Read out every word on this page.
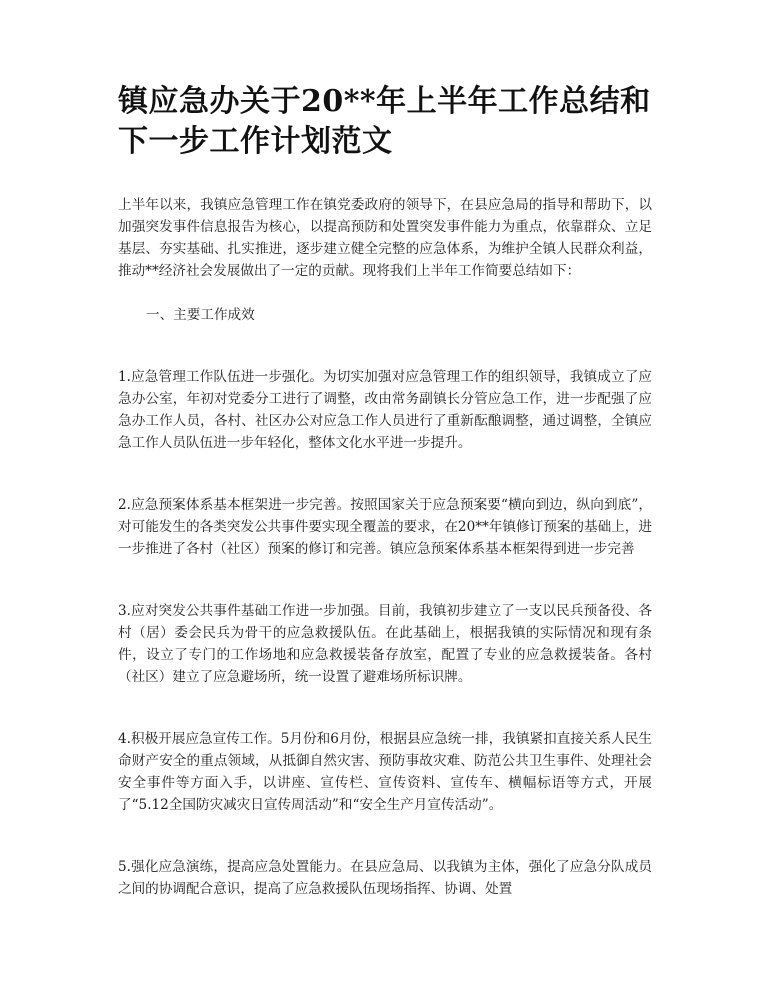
镇应急办关于20**年上半年工作总结和下一步工作计划范文

上半年以来，我镇应急管理工作在镇党委政府的领导下，在县应急局的指导和帮助下，以加强突发事件信息报告为核心，以提高预防和处置突发事件能力为重点，依靠群众、立足基层、夯实基础、扎实推进，逐步建立健全完整的应急体系，为维护全镇人民群众利益，推动**经济社会发展做出了一定的贡献。现将我们上半年工作简要总结如下：

一、主要工作成效

1.应急管理工作队伍进一步强化。为切实加强对应急管理工作的组织领导，我镇成立了应急办公室，年初对党委分工进行了调整，改由常务副镇长分管应急工作，进一步配强了应急办工作人员，各村、社区办公对应急工作人员进行了重新酝酿调整，通过调整，全镇应急工作人员队伍进一步年轻化，整体文化水平进一步提升。

2.应急预案体系基本框架进一步完善。按照国家关于应急预案要“横向到边，纵向到底”，对可能发生的各类突发公共事件要实现全覆盖的要求，在20**年镇修订预案的基础上，进一步推进了各村（社区）预案的修订和完善。镇应急预案体系基本框架得到进一步完善

3.应对突发公共事件基础工作进一步加强。目前，我镇初步建立了一支以民兵预备役、各村（居）委会民兵为骨干的应急救援队伍。在此基础上，根据我镇的实际情况和现有条件，设立了专门的工作场地和应急救援装备存放室，配置了专业的应急救援装备。各村（社区）建立了应急避场所，统一设置了避难场所标识牌。

4.积极开展应急宣传工作。5月份和6月份，根据县应急统一排，我镇紧扣直接关系人民生命财产安全的重点领域，从抵御自然灾害、预防事故灾难、防范公共卫生事件、处理社会安全事件等方面入手，以讲座、宣传栏、宣传资料、宣传车、横幅标语等方式，开展了“5.12全国防灾减灾日宣传周活动”和“安全生产月宣传活动”。

5.强化应急演练，提高应急处置能力。在县应急局、以我镇为主体，强化了应急分队成员之间的协调配合意识，提高了应急救援队伍现场指挥、协调、处置
